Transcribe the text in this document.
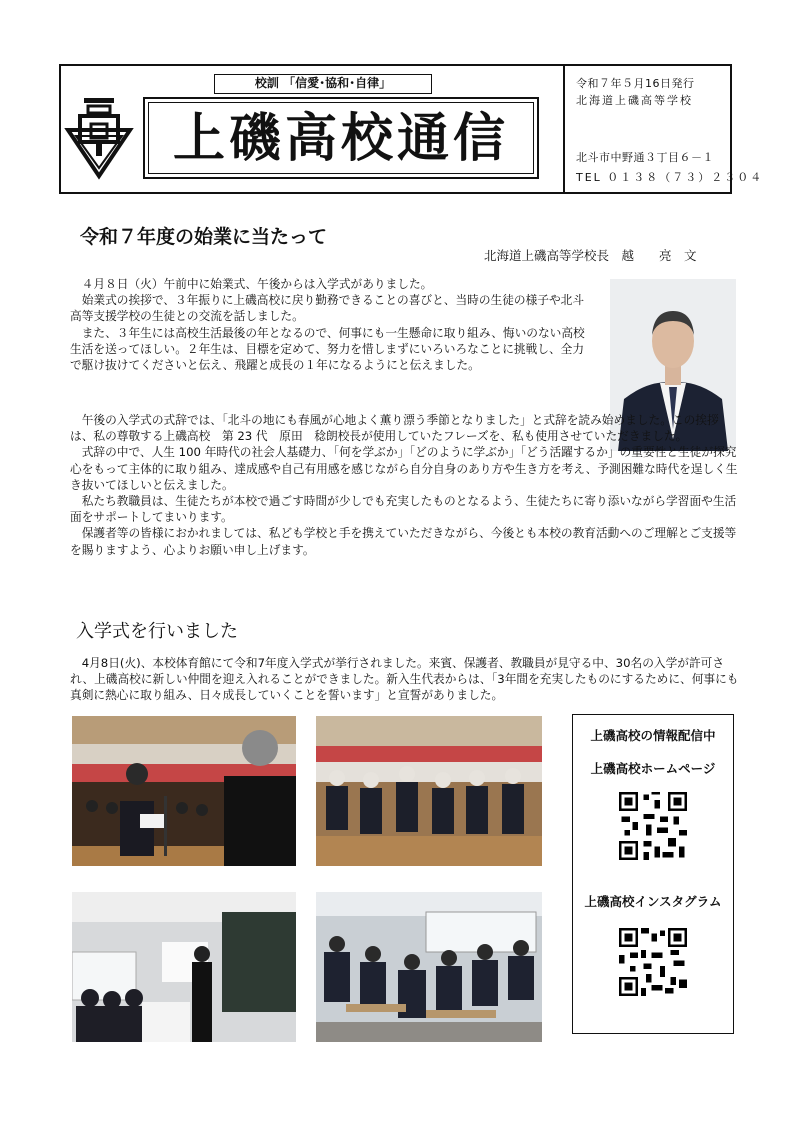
校訓 「信愛･協和･自律」
上磯高校通信
令和７年５月16日発行
北海道上磯高等学校
北斗市中野通３丁目６－１
TEL ０１３８（７３）２３０４
令和７年度の始業に当たって
北海道上磯高等学校長　越　　亮　文

４月８日（火）午前中に始業式、午後からは入学式がありました。

始業式の挨拶で、３年振りに上磯高校に戻り勤務できることの喜びと、当時の生徒の様子や北斗高等支援学校の生徒との交流を話しました。

また、３年生には高校生活最後の年となるので、何事にも一生懸命に取り組み、悔いのない高校生活を送ってほしい。２年生は、目標を定めて、努力を惜しまずにいろいろなことに挑戦し、全力で駆け抜けてくださいと伝え、飛躍と成長の１年になるようにと伝えました。

午後の入学式の式辞では、｢北斗の地にも春風が心地よく薫り漂う季節となりました」と式辞を読み始めました。この挨拶は、私の尊敬する上磯高校　第 23 代　原田　稔朗校長が使用していたフレーズを、私も使用させていただきました。

式辞の中で、人生 100 年時代の社会人基礎力、｢何を学ぶか｣「どのように学ぶか」「どう活躍するか」の重要性と生徒が探究心をもって主体的に取り組み、達成感や自己有用感を感じながら自分自身のあり方や生き方を考え、予測困難な時代を逞しく生き抜いてほしいと伝えました。

私たち教職員は、生徒たちが本校で過ごす時間が少しでも充実したものとなるよう、生徒たちに寄り添いながら学習面や生活面をサポートしてまいります。

保護者等の皆様におかれましては、私ども学校と手を携えていただきながら、今後とも本校の教育活動へのご理解とご支援等を賜りますよう、心よりお願い申し上げます。

入学式を行いました

4月8日(火)、本校体育館にて令和7年度入学式が挙行されました。来賓、保護者、教職員が見守る中、30名の入学が許可され、上磯高校に新しい仲間を迎え入れることができました。新入生代表からは、｢3年間を充実したものにするために、何事にも真剣に熱心に取り組み、日々成長していくことを誓います」と宣誓がありました。

上磯高校の情報配信中
上磯高校ホームページ
上磯高校インスタグラム
